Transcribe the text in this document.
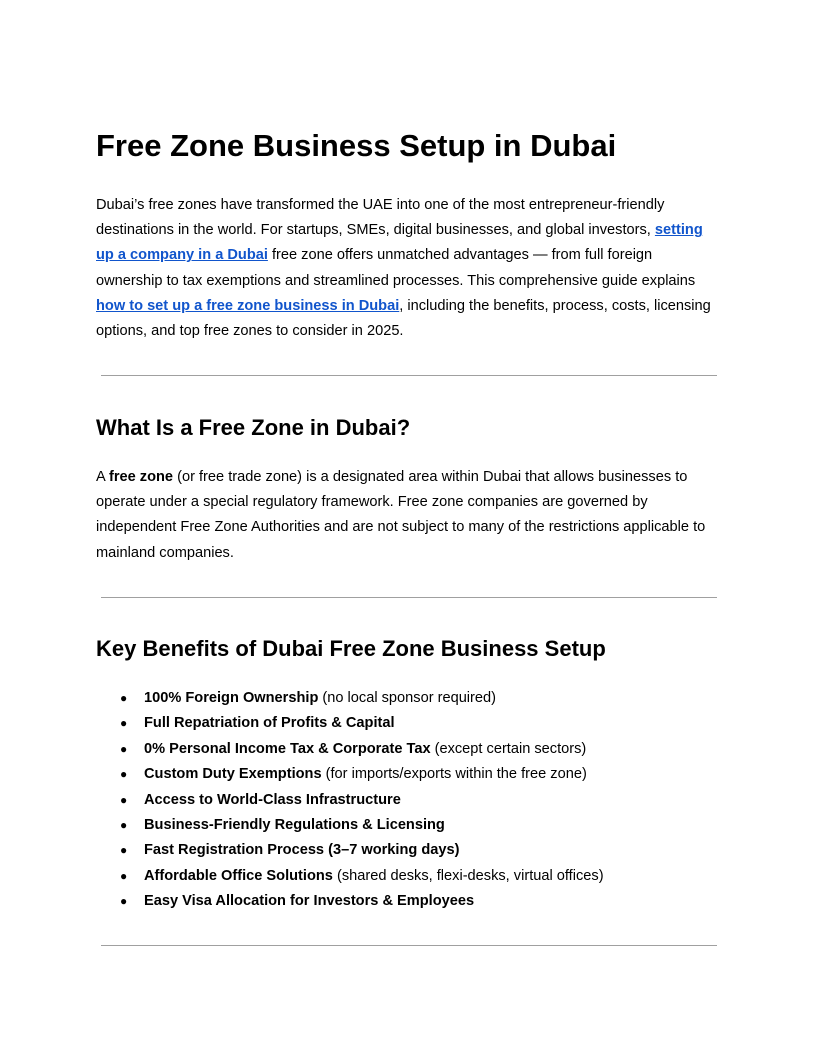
Free Zone Business Setup in Dubai

Dubai’s free zones have transformed the UAE into one of the most entrepreneur-friendly destinations in the world. For startups, SMEs, digital businesses, and global investors, setting up a company in a Dubai free zone offers unmatched advantages — from full foreign ownership to tax exemptions and streamlined processes. This comprehensive guide explains how to set up a free zone business in Dubai, including the benefits, process, costs, licensing options, and top free zones to consider in 2025.

What Is a Free Zone in Dubai?

A free zone (or free trade zone) is a designated area within Dubai that allows businesses to operate under a special regulatory framework. Free zone companies are governed by independent Free Zone Authorities and are not subject to many of the restrictions applicable to mainland companies.

Key Benefits of Dubai Free Zone Business Setup
● 100% Foreign Ownership (no local sponsor required)
● Full Repatriation of Profits & Capital
● 0% Personal Income Tax & Corporate Tax (except certain sectors)
● Custom Duty Exemptions (for imports/exports within the free zone)
● Access to World-Class Infrastructure
● Business-Friendly Regulations & Licensing
● Fast Registration Process (3–7 working days)
● Affordable Office Solutions (shared desks, flexi-desks, virtual offices)
● Easy Visa Allocation for Investors & Employees
